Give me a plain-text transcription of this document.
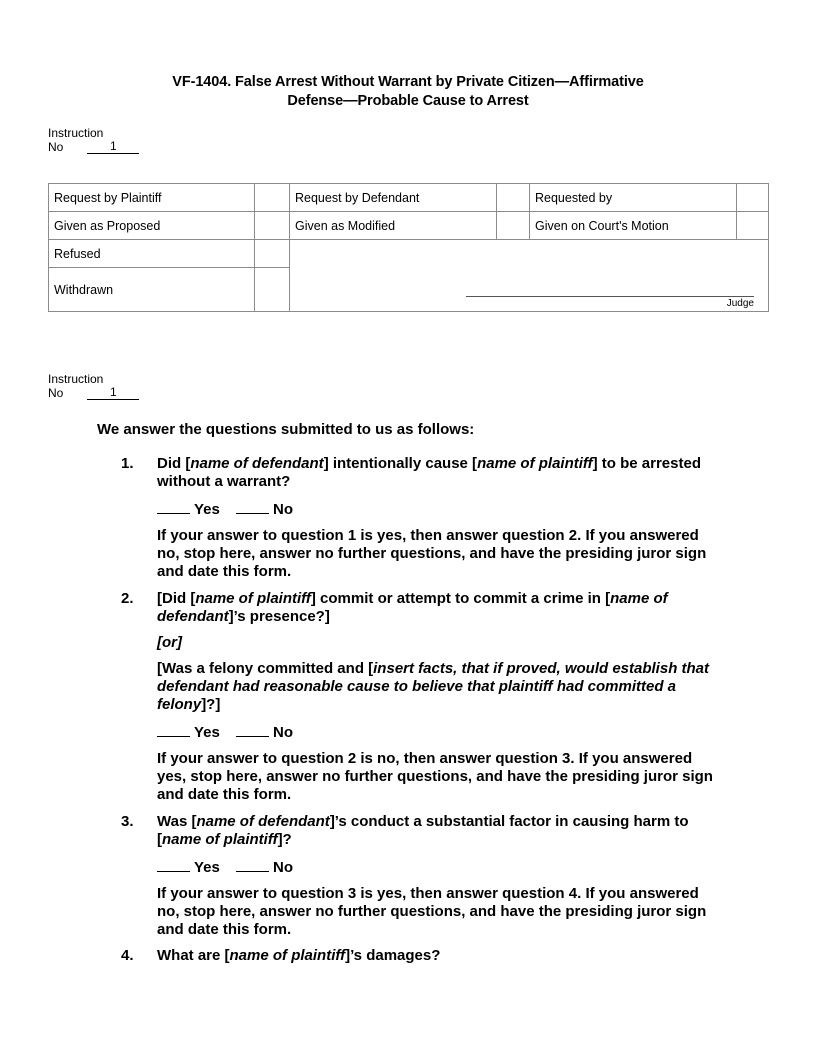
VF-1404. False Arrest Without Warrant by Private Citizen—Affirmative
Defense—Probable Cause to Arrest
Instruction
No	1
Request by Plaintiff		Request by Defendant		Requested by	
Given as Proposed		Given as Modified		Given on Court's Motion	
Refused		Judge			

Withdrawn					
Instruction
No	1
We answer the questions submitted to us as follows:
1. Did [name of defendant] intentionally cause [name of plaintiff] to be arrested without a warrant?

Yes	No

If your answer to question 1 is yes, then answer question 2. If you answered no, stop here, answer no further questions, and have the presiding juror sign and date this form.

2. [Did [name of plaintiff] commit or attempt to commit a crime in [name of defendant]’s presence?]

[or]

[Was a felony committed and [insert facts, that if proved, would establish that defendant had reasonable cause to believe that plaintiff had committed a felony]?]

Yes	No

If your answer to question 2 is no, then answer question 3. If you answered yes, stop here, answer no further questions, and have the presiding juror sign and date this form.

3. Was [name of defendant]’s conduct a substantial factor in causing harm to [name of plaintiff]?

Yes	No

If your answer to question 3 is yes, then answer question 4. If you answered no, stop here, answer no further questions, and have the presiding juror sign and date this form.

4. What are [name of plaintiff]’s damages?
